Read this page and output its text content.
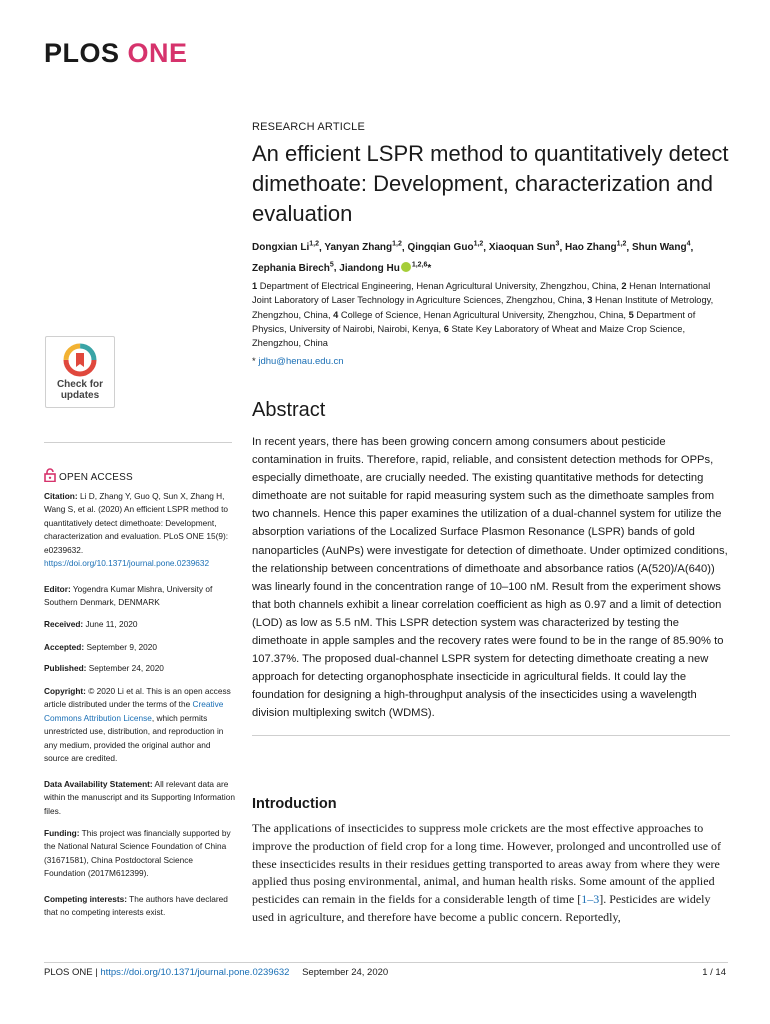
PLOS ONE
RESEARCH ARTICLE
An efficient LSPR method to quantitatively detect dimethoate: Development, characterization and evaluation
Dongxian Li$^{1,2}$, Yanyan Zhang$^{1,2}$, Qingqian Guo$^{1,2}$, Xiaoquan Sun$^3$, Hao Zhang$^{1,2}$, Shun Wang$^4$, Zephania Birech$^5$, Jiandong Hu $^{1,2,6}$*
1 Department of Electrical Engineering, Henan Agricultural University, Zhengzhou, China, 2 Henan International Joint Laboratory of Laser Technology in Agriculture Sciences, Zhengzhou, China, 3 Henan Institute of Metrology, Zhengzhou, China, 4 College of Science, Henan Agricultural University, Zhengzhou, China, 5 Department of Physics, University of Nairobi, Nairobi, Kenya, 6 State Key Laboratory of Wheat and Maize Crop Science, Zhengzhou, China
* jdhu@henau.edu.cn
Check for
updates
OPEN ACCESS
Citation: Li D, Zhang Y, Guo Q, Sun X, Zhang H, Wang S, et al. (2020) An efficient LSPR method to quantitatively detect dimethoate: Development, characterization and evaluation. PLoS ONE 15(9): e0239632. https://doi.org/10.1371/journal.pone.0239632
Editor: Yogendra Kumar Mishra, University of Southern Denmark, DENMARK
Received: June 11, 2020
Accepted: September 9, 2020
Published: September 24, 2020
Copyright: © 2020 Li et al. This is an open access article distributed under the terms of the Creative Commons Attribution License, which permits unrestricted use, distribution, and reproduction in any medium, provided the original author and source are credited.
Data Availability Statement: All relevant data are within the manuscript and its Supporting Information files.
Funding: This project was financially supported by the National Natural Science Foundation of China (31671581), China Postdoctoral Science Foundation (2017M612399).
Competing interests: The authors have declared that no competing interests exist.
Abstract

In recent years, there has been growing concern among consumers about pesticide contamination in fruits. Therefore, rapid, reliable, and consistent detection methods for OPPs, especially dimethoate, are crucially needed. The existing quantitative methods for detecting dimethoate are not suitable for rapid measuring system such as the dimethoate samples from two channels. Hence this paper examines the utilization of a dual-channel system for utilize the absorption variations of the Localized Surface Plasmon Resonance (LSPR) bands of gold nanoparticles (AuNPs) were investigate for detection of dimethoate. Under optimized conditions, the relationship between concentrations of dimethoate and absorbance ratios (A(520)/A(640)) was linearly found in the concentration range of 10–100 nM. Result from the experiment shows that both channels exhibit a linear correlation coefficient as high as 0.97 and a limit of detection (LOD) as low as 5.5 nM. This LSPR detection system was characterized by testing the dimethoate in apple samples and the recovery rates were found to be in the range of 85.90% to 107.37%. The proposed dual-channel LSPR system for detecting dimethoate creating a new approach for detecting organophosphate insecticide in agricultural fields. It could lay the foundation for designing a high-throughput analysis of the insecticides using a wavelength division multiplexing switch (WDMS).

Introduction

The applications of insecticides to suppress mole crickets are the most effective approaches to improve the production of field crop for a long time. However, prolonged and uncontrolled use of these insecticides results in their residues getting transported to areas away from where they were applied thus posing environmental, animal, and human health risks. Some amount of the applied pesticides can remain in the fields for a considerable length of time [1–3]. Pesticides are widely used in agriculture, and therefore have become a public concern. Reportedly,

PLOS ONE | https://doi.org/10.1371/journal.pone.0239632 September 24, 2020	1 / 14
